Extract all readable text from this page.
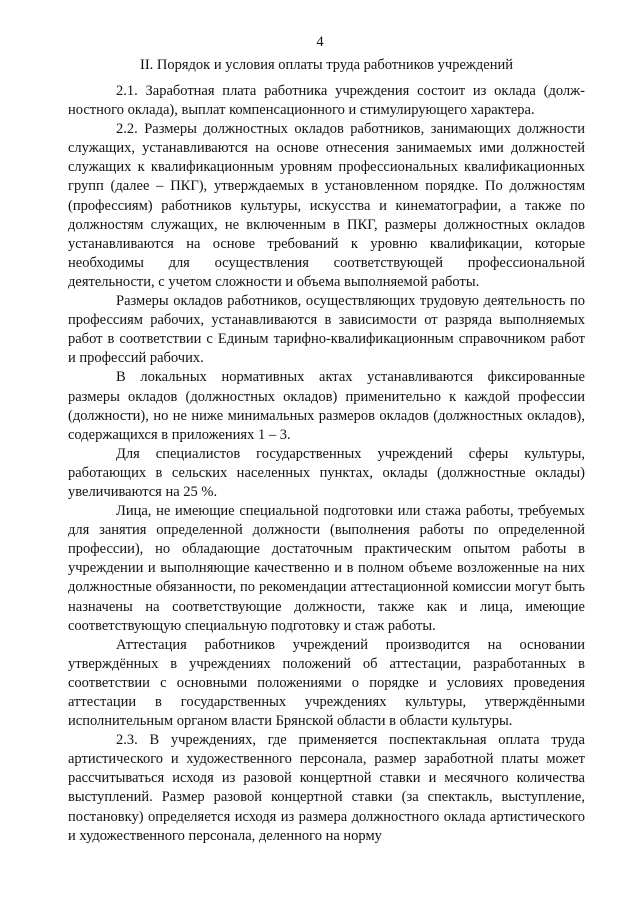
4
II. Порядок и условия оплаты труда работников учреждений

2.1. Заработная плата работника учреждения состоит из оклада (должностного оклада), выплат компенсационного и стимулирующего характера.

2.2. Размеры должностных окладов работников, занимающих должности служащих, устанавливаются на основе отнесения занимаемых ими должностей служащих к квалификационным уровням профессиональных квалификационных групп (далее – ПКГ), утверждаемых в установленном порядке. По должностям (профессиям) работников культуры, искусства и кинематографии, а также по должностям служащих, не включенным в ПКГ, размеры должностных окладов устанавливаются на основе требований к уровню квалификации, которые необходимы для осуществления соответствующей профессиональной деятельности, с учетом сложности и объема выполняемой работы.

Размеры окладов работников, осуществляющих трудовую деятельность по профессиям рабочих, устанавливаются в зависимости от разряда выполняемых работ в соответствии с Единым тарифно-квалификационным справочником работ и профессий рабочих.

В локальных нормативных актах устанавливаются фиксированные размеры окладов (должностных окладов) применительно к каждой профессии (должности), но не ниже минимальных размеров окладов (должностных окладов), содержащихся в приложениях 1 – 3.

Для специалистов государственных учреждений сферы культуры, работающих в сельских населенных пунктах, оклады (должностные оклады) увеличиваются на 25 %.

Лица, не имеющие специальной подготовки или стажа работы, требуемых для занятия определенной должности (выполнения работы по определенной профессии), но обладающие достаточным практическим опытом работы в учреждении и выполняющие качественно и в полном объеме возложенные на них должностные обязанности, по рекомендации аттестационной комиссии могут быть назначены на соответствующие должности, также как и лица, имеющие соответствующую специальную подготовку и стаж работы.

Аттестация работников учреждений производится на основании утверждённых в учреждениях положений об аттестации, разработанных в соответствии с основными положениями о порядке и условиях проведения аттестации в государственных учреждениях культуры, утверждёнными исполнительным органом власти Брянской области в области культуры.

2.3. В учреждениях, где применяется поспектакльная оплата труда артистического и художественного персонала, размер заработной платы может рассчитываться исходя из разовой концертной ставки и месячного количества выступлений. Размер разовой концертной ставки (за спектакль, выступление, постановку) определяется исходя из размера должностного оклада артистического и художественного персонала, деленного на норму
